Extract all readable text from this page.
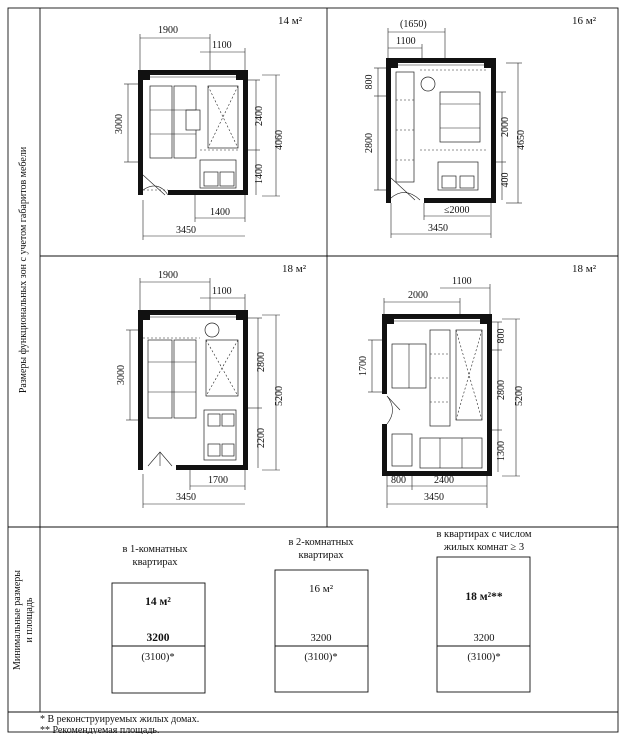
Размеры функциональных зон с учетом габаритов мебели
Минимальные размеры и площадь
14 м²
1900
1100
3000	2400
4060
1400
1400
3450
16 м²
(1650)
1100
800
2800
2000
4650
400
≤2000
3450
18 м²
1900
1100
3000
2800
5200
2200
1700
3450
18 м²
2000
1100
1700
800
2800 5200
1300
800	2400
3450
в 1-комнатных
квартирах
14 м²
3200
(3100)*
в 2-комнатных
квартирах
16 м²
3200
(3100)*
в квартирах с числом
жилых комнат ≥ 3
18 м²**
3200
(3100)*
* В реконструируемых жилых домах.
** Рекомендуемая площадь.
